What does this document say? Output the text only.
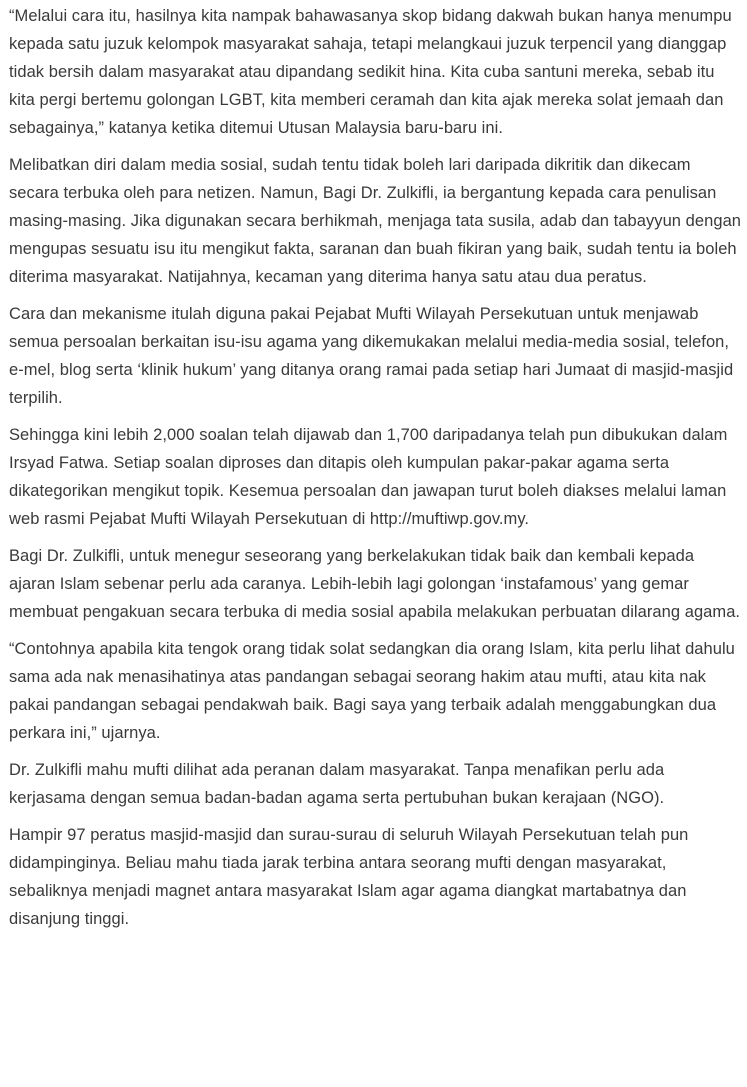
“Melalui cara itu, hasilnya kita nampak bahawasanya skop bidang dakwah bukan hanya menumpu kepada satu juzuk kelompok masyarakat sahaja, tetapi melangkaui juzuk terpencil yang dianggap tidak bersih dalam masyarakat atau dipandang sedikit hina. Kita cuba santuni mereka, sebab itu kita pergi bertemu golongan LGBT, kita memberi ceramah dan kita ajak mereka solat jemaah dan sebagainya,” katanya ketika ditemui Utusan Malaysia baru-baru ini.

Melibatkan diri dalam media sosial, sudah tentu tidak boleh lari daripada dikritik dan dikecam secara terbuka oleh para netizen. Namun, Bagi Dr. Zulkifli, ia bergantung kepada cara penulisan masing-masing. Jika digunakan secara berhikmah, menjaga tata susila, adab dan tabayyun dengan mengupas sesuatu isu itu mengikut fakta, saranan dan buah fikiran yang baik, sudah tentu ia boleh diterima masyarakat. Natijahnya, kecaman yang diterima hanya satu atau dua peratus.

Cara dan mekanisme itulah diguna pakai Pejabat Mufti Wilayah Persekutuan untuk menjawab semua persoalan berkaitan isu-isu agama yang dikemukakan melalui media-media sosial, telefon, e-mel, blog serta ‘klinik hukum’ yang ditanya orang ramai pada setiap hari Jumaat di masjid-masjid terpilih.

Sehingga kini lebih 2,000 soalan telah dijawab dan 1,700 daripadanya telah pun dibukukan dalam Irsyad Fatwa. Setiap soalan diproses dan ditapis oleh kumpulan pakar-pakar agama serta dikategorikan mengikut topik. Kesemua persoalan dan jawapan turut boleh diakses melalui laman web rasmi Pejabat Mufti Wilayah Persekutuan di http://muftiwp.gov.my.

Bagi Dr. Zulkifli, untuk menegur seseorang yang berkelakukan tidak baik dan kembali kepada ajaran Islam sebenar perlu ada caranya. Lebih-lebih lagi golongan ‘instafamous’ yang gemar membuat pengakuan secara terbuka di media sosial apabila melakukan perbuatan dilarang agama.

“Contohnya apabila kita tengok orang tidak solat sedangkan dia orang Islam, kita perlu lihat dahulu sama ada nak menasihatinya atas pandangan sebagai seorang hakim atau mufti, atau kita nak pakai pandangan sebagai pendakwah baik. Bagi saya yang terbaik adalah menggabungkan dua perkara ini,” ujarnya.

Dr. Zulkifli mahu mufti dilihat ada peranan dalam masyarakat. Tanpa menafikan perlu ada kerjasama dengan semua badan-badan agama serta pertubuhan bukan kerajaan (NGO).

Hampir 97 peratus masjid-masjid dan surau-surau di seluruh Wilayah Persekutuan telah pun didampinginya. Beliau mahu tiada jarak terbina antara seorang mufti dengan masyarakat, sebaliknya menjadi magnet antara masyarakat Islam agar agama diangkat martabatnya dan disanjung tinggi.
